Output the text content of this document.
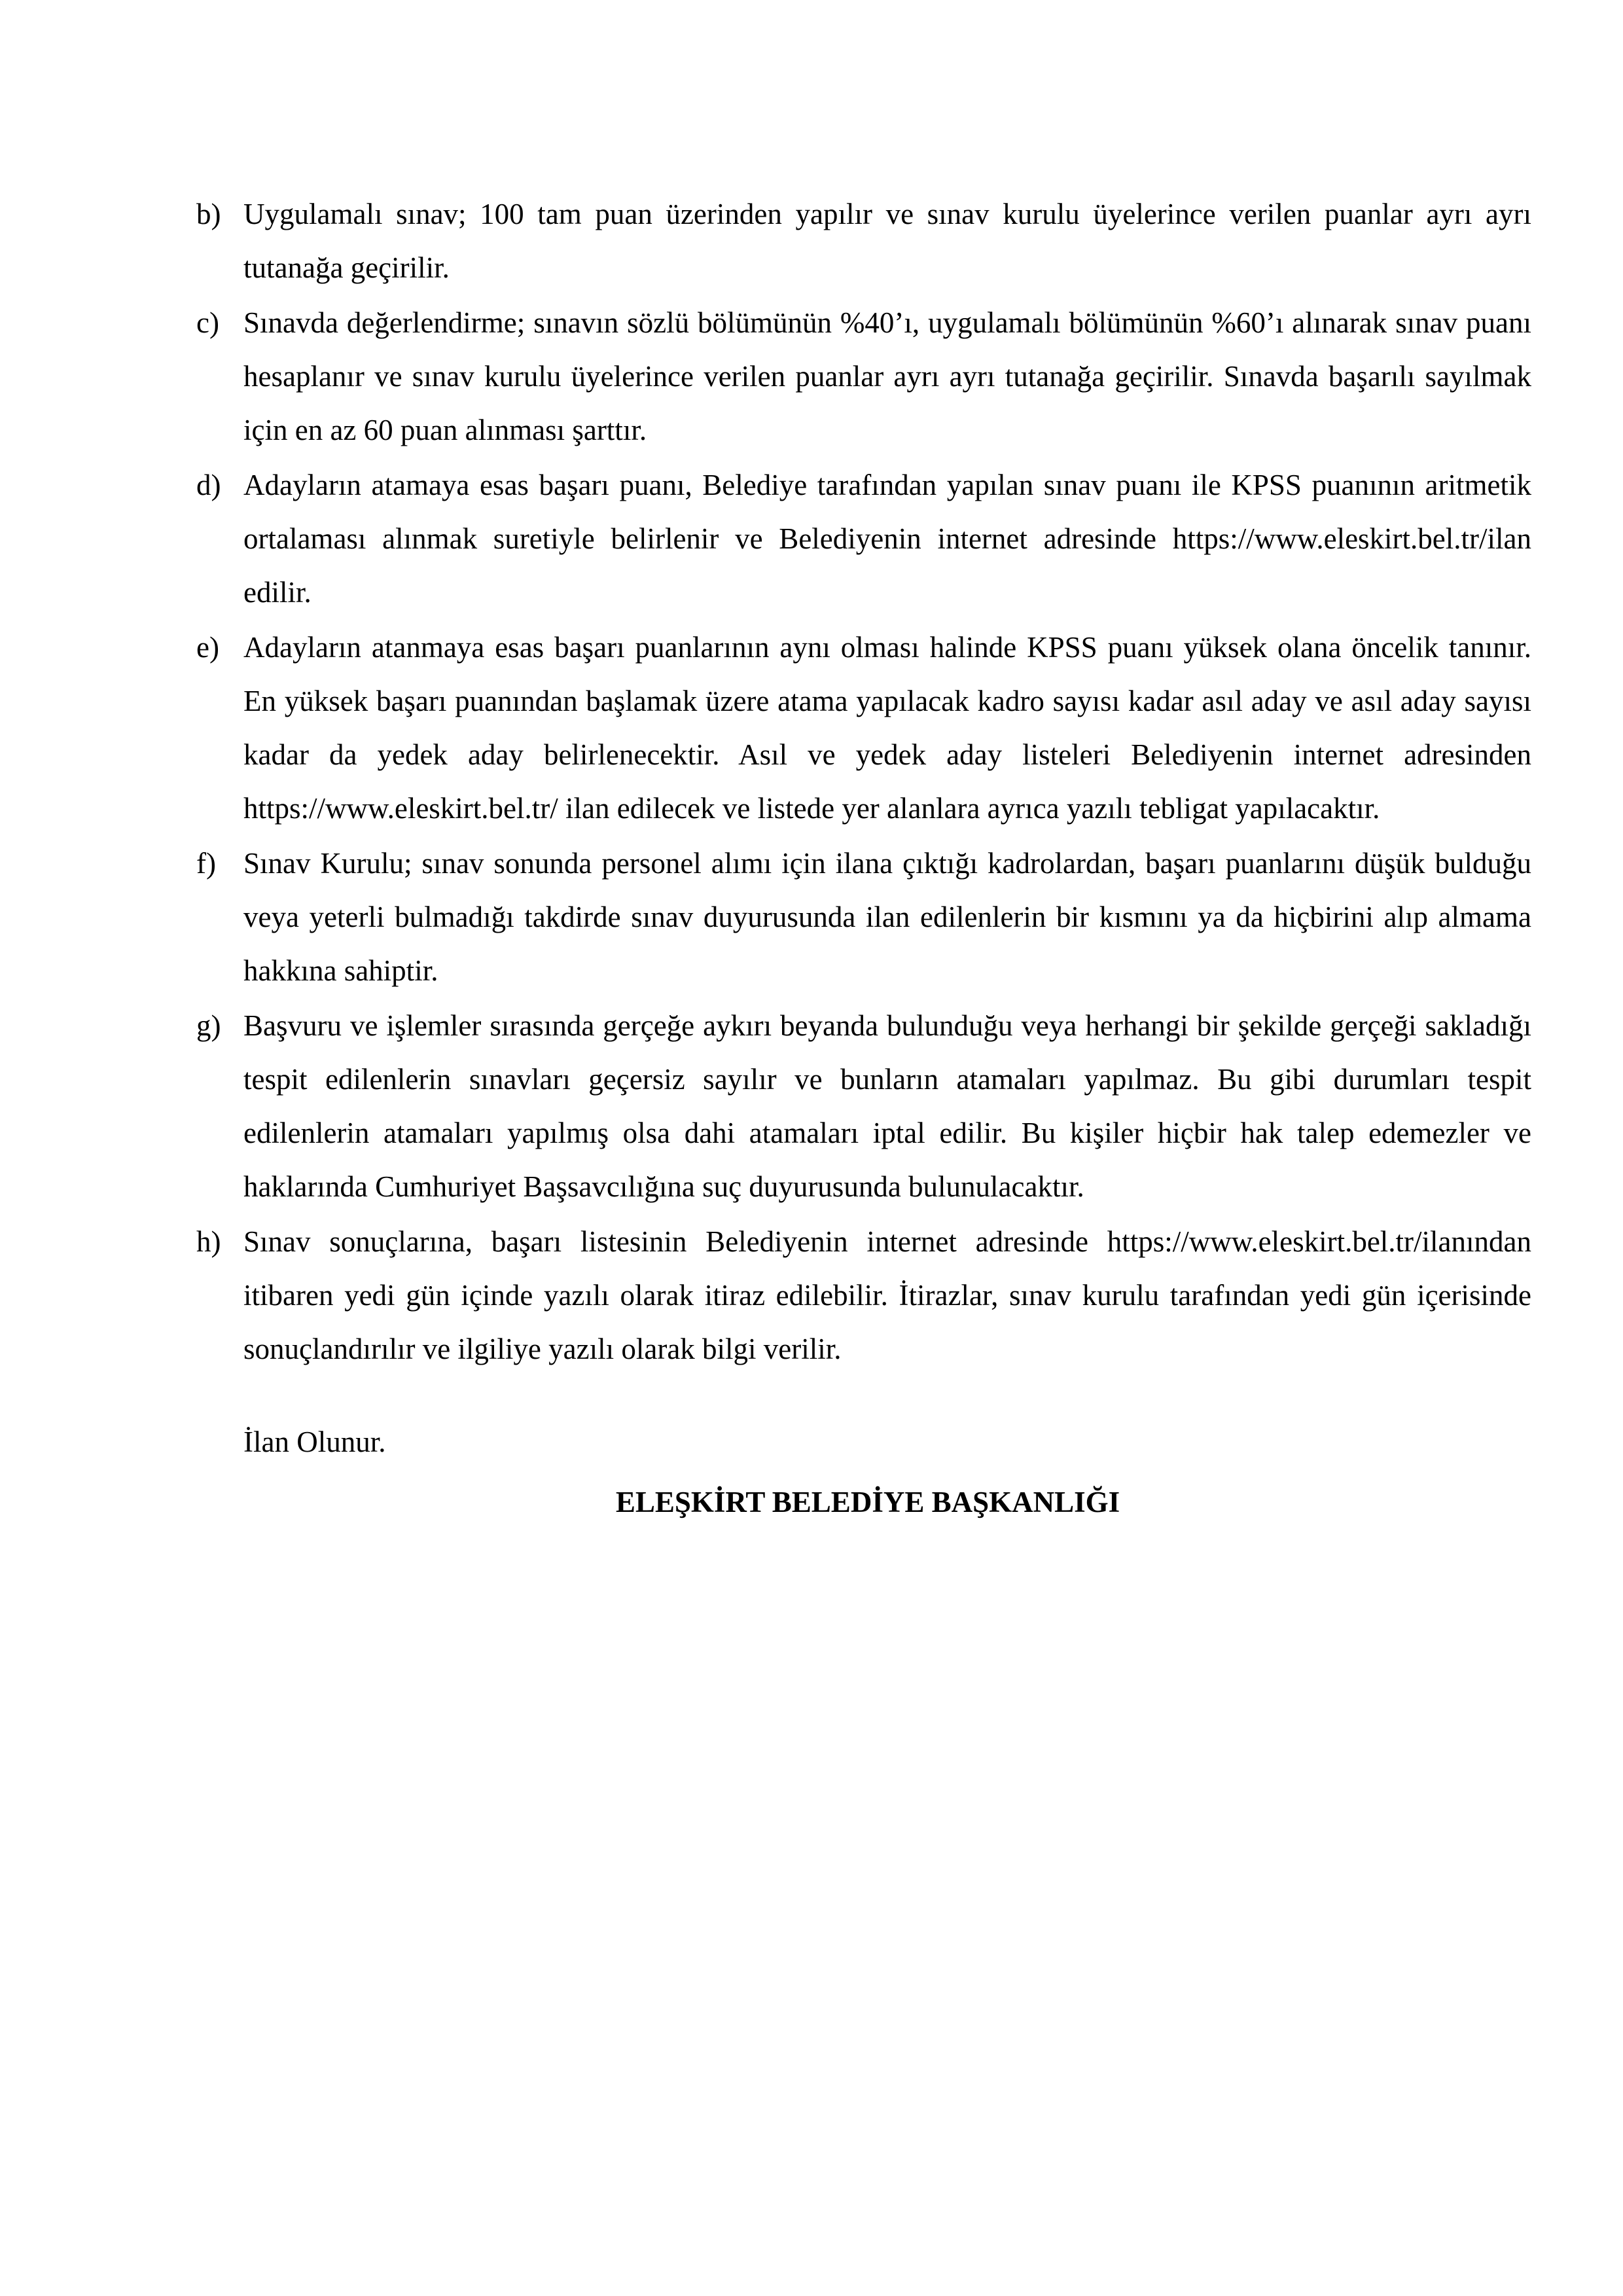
b) Uygulamalı sınav; 100 tam puan üzerinden yapılır ve sınav kurulu üyelerince verilen puanlar ayrı ayrı tutanağa geçirilir.

c) Sınavda değerlendirme; sınavın sözlü bölümünün %40’ı, uygulamalı bölümünün %60’ı alınarak sınav puanı hesaplanır ve sınav kurulu üyelerince verilen puanlar ayrı ayrı tutanağa geçirilir. Sınavda başarılı sayılmak için en az 60 puan alınması şarttır.

d) Adayların atamaya esas başarı puanı, Belediye tarafından yapılan sınav puanı ile KPSS puanının aritmetik ortalaması alınmak suretiyle belirlenir ve Belediyenin internet adresinde https://www.eleskirt.bel.tr/ilan edilir.

e) Adayların atanmaya esas başarı puanlarının aynı olması halinde KPSS puanı yüksek olana öncelik tanınır. En yüksek başarı puanından başlamak üzere atama yapılacak kadro sayısı kadar asıl aday ve asıl aday sayısı kadar da yedek aday belirlenecektir. Asıl ve yedek aday listeleri Belediyenin internet adresinden https://www.eleskirt.bel.tr/ ilan edilecek ve listede yer alanlara ayrıca yazılı tebligat yapılacaktır.

f) Sınav Kurulu; sınav sonunda personel alımı için ilana çıktığı kadrolardan, başarı puanlarını düşük bulduğu veya yeterli bulmadığı takdirde sınav duyurusunda ilan edilenlerin bir kısmını ya da hiçbirini alıp almama hakkına sahiptir.

g) Başvuru ve işlemler sırasında gerçeğe aykırı beyanda bulunduğu veya herhangi bir şekilde gerçeği sakladığı tespit edilenlerin sınavları geçersiz sayılır ve bunların atamaları yapılmaz. Bu gibi durumları tespit edilenlerin atamaları yapılmış olsa dahi atamaları iptal edilir. Bu kişiler hiçbir hak talep edemezler ve haklarında Cumhuriyet Başsavcılığına suç duyurusunda bulunulacaktır.

h) Sınav sonuçlarına, başarı listesinin Belediyenin internet adresinde https://www.eleskirt.bel.tr/ilanından itibaren yedi gün içinde yazılı olarak itiraz edilebilir. İtirazlar, sınav kurulu tarafından yedi gün içerisinde sonuçlandırılır ve ilgiliye yazılı olarak bilgi verilir.

İlan Olunur.

ELEŞKİRT BELEDİYE BAŞKANLIĞI
